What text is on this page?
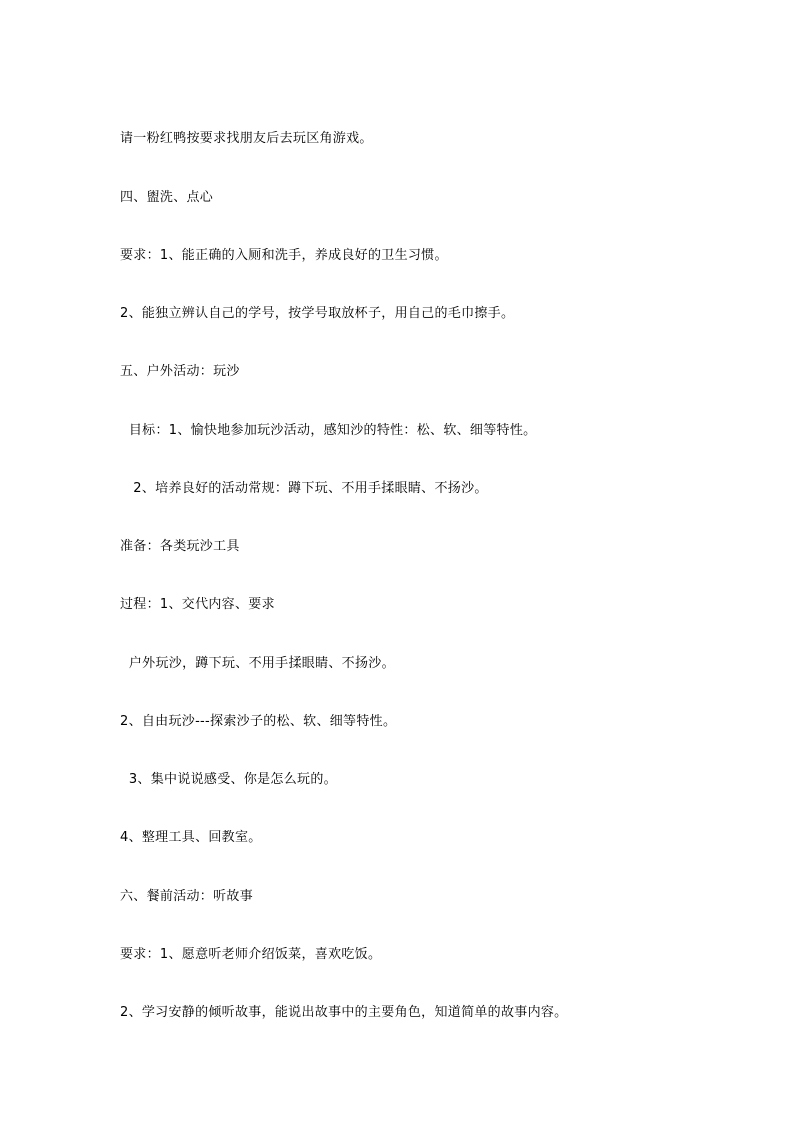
请一粉红鸭按要求找朋友后去玩区角游戏。
四、盥洗、点心
要求：1、能正确的入厕和洗手，养成良好的卫生习惯。
2、能独立辨认自己的学号，按学号取放杯子，用自己的毛巾擦手。
五、户外活动：玩沙
目标：1、愉快地参加玩沙活动，感知沙的特性：松、软、细等特性。
2、培养良好的活动常规：蹲下玩、不用手揉眼睛、不扬沙。
准备：各类玩沙工具
过程：1、交代内容、要求
户外玩沙，蹲下玩、不用手揉眼睛、不扬沙。
2、自由玩沙---探索沙子的松、软、细等特性。
3、集中说说感受、你是怎么玩的。
4、整理工具、回教室。
六、餐前活动：听故事
要求：1、愿意听老师介绍饭菜，喜欢吃饭。
2、学习安静的倾听故事，能说出故事中的主要角色，知道简单的故事内容。
